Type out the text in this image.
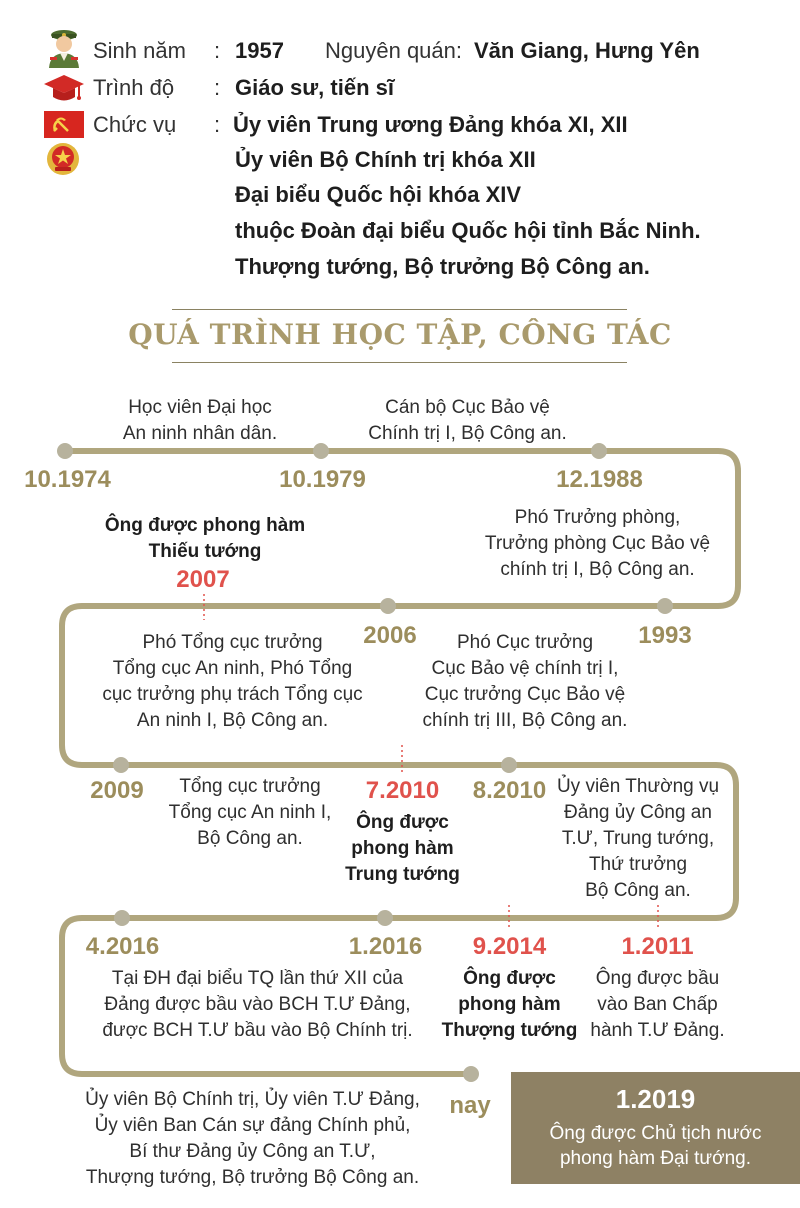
Sinh năm : 1957 Nguyên quán: Văn Giang, Hưng Yên
Trình độ : Giáo sư, tiến sĩ
Chức vụ : Ủy viên Trung ương Đảng khóa XI, XII
Ủy viên Bộ Chính trị khóa XII
Đại biểu Quốc hội khóa XIV
thuộc Đoàn đại biểu Quốc hội tỉnh Bắc Ninh.
Thượng tướng, Bộ trưởng Bộ Công an.
QUÁ TRÌNH HỌC TẬP, CÔNG TÁC
Học viên Đại học
An ninh nhân dân.
10.1974
Cán bộ Cục Bảo vệ
Chính trị I, Bộ Công an.
10.1979	12.1988
Phó Trưởng phòng,
Trưởng phòng Cục Bảo vệ
chính trị I, Bộ Công an.
Ông được phong hàm
Thiếu tướng
2007
1993
Phó Cục trưởng
Cục Bảo vệ chính trị I,
Cục trưởng Cục Bảo vệ
chính trị III, Bộ Công an.
2006
Phó Tổng cục trưởng
Tổng cục An ninh, Phó Tổng
cục trưởng phụ trách Tổng cục
An ninh I, Bộ Công an.
2009	Tổng cục trưởng
Tổng cục An ninh I,
Bộ Công an.
7.2010
Ông được
phong hàm
Trung tướng
8.2010 Ủy viên Thường vụ
Đảng ủy Công an
T.Ư, Trung tướng,
Thứ trưởng
Bộ Công an.
4.2016
Tại ĐH đại biểu TQ lần thứ XII của
Đảng được bầu vào BCH T.Ư Đảng,
được BCH T.Ư bầu vào Bộ Chính trị.
1.2016	9.2014
Ông được
phong hàm
Thượng tướng
1.2011
Ông được bầu
vào Ban Chấp
hành T.Ư Đảng.
Ủy viên Bộ Chính trị, Ủy viên T.Ư Đảng,
Ủy viên Ban Cán sự đảng Chính phủ,
Bí thư Đảng ủy Công an T.Ư,
Thượng tướng, Bộ trưởng Bộ Công an.
nay	1.2019
Ông được Chủ tịch nước
phong hàm Đại tướng.
